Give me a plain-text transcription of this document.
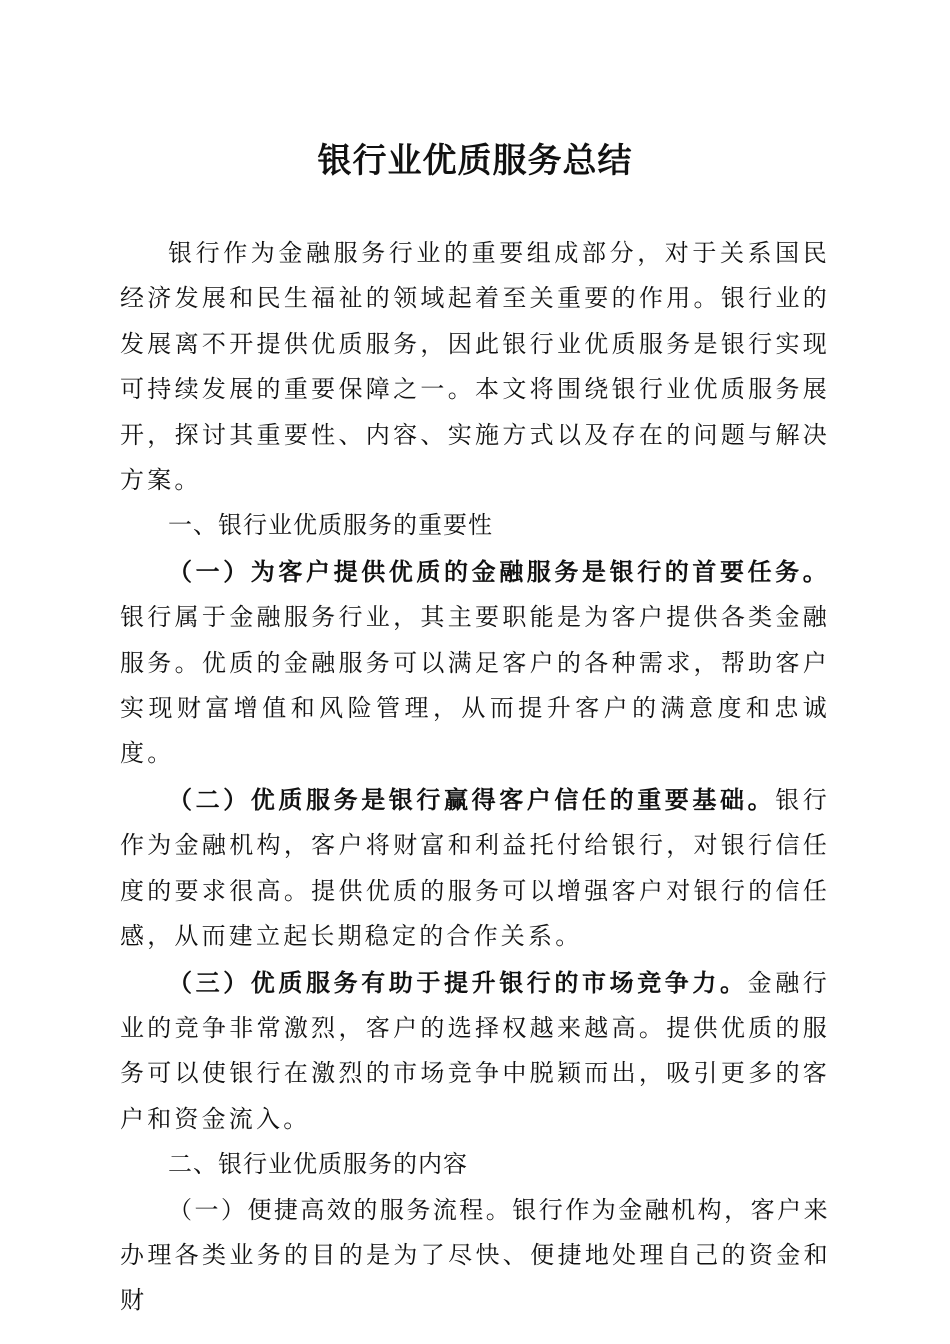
银行业优质服务总结

银行作为金融服务行业的重要组成部分，对于关系国民经济发展和民生福祉的领域起着至关重要的作用。银行业的发展离不开提供优质服务，因此银行业优质服务是银行实现可持续发展的重要保障之一。本文将围绕银行业优质服务展开，探讨其重要性、内容、实施方式以及存在的问题与解决方案。

一、银行业优质服务的重要性

（一）为客户提供优质的金融服务是银行的首要任务。银行属于金融服务行业，其主要职能是为客户提供各类金融服务。优质的金融服务可以满足客户的各种需求，帮助客户实现财富增值和风险管理，从而提升客户的满意度和忠诚度。

（二）优质服务是银行赢得客户信任的重要基础。银行作为金融机构，客户将财富和利益托付给银行，对银行信任度的要求很高。提供优质的服务可以增强客户对银行的信任感，从而建立起长期稳定的合作关系。

（三）优质服务有助于提升银行的市场竞争力。金融行业的竞争非常激烈，客户的选择权越来越高。提供优质的服务可以使银行在激烈的市场竞争中脱颖而出，吸引更多的客户和资金流入。

二、银行业优质服务的内容

（一）便捷高效的服务流程。银行作为金融机构，客户来办理各类业务的目的是为了尽快、便捷地处理自己的资金和财
